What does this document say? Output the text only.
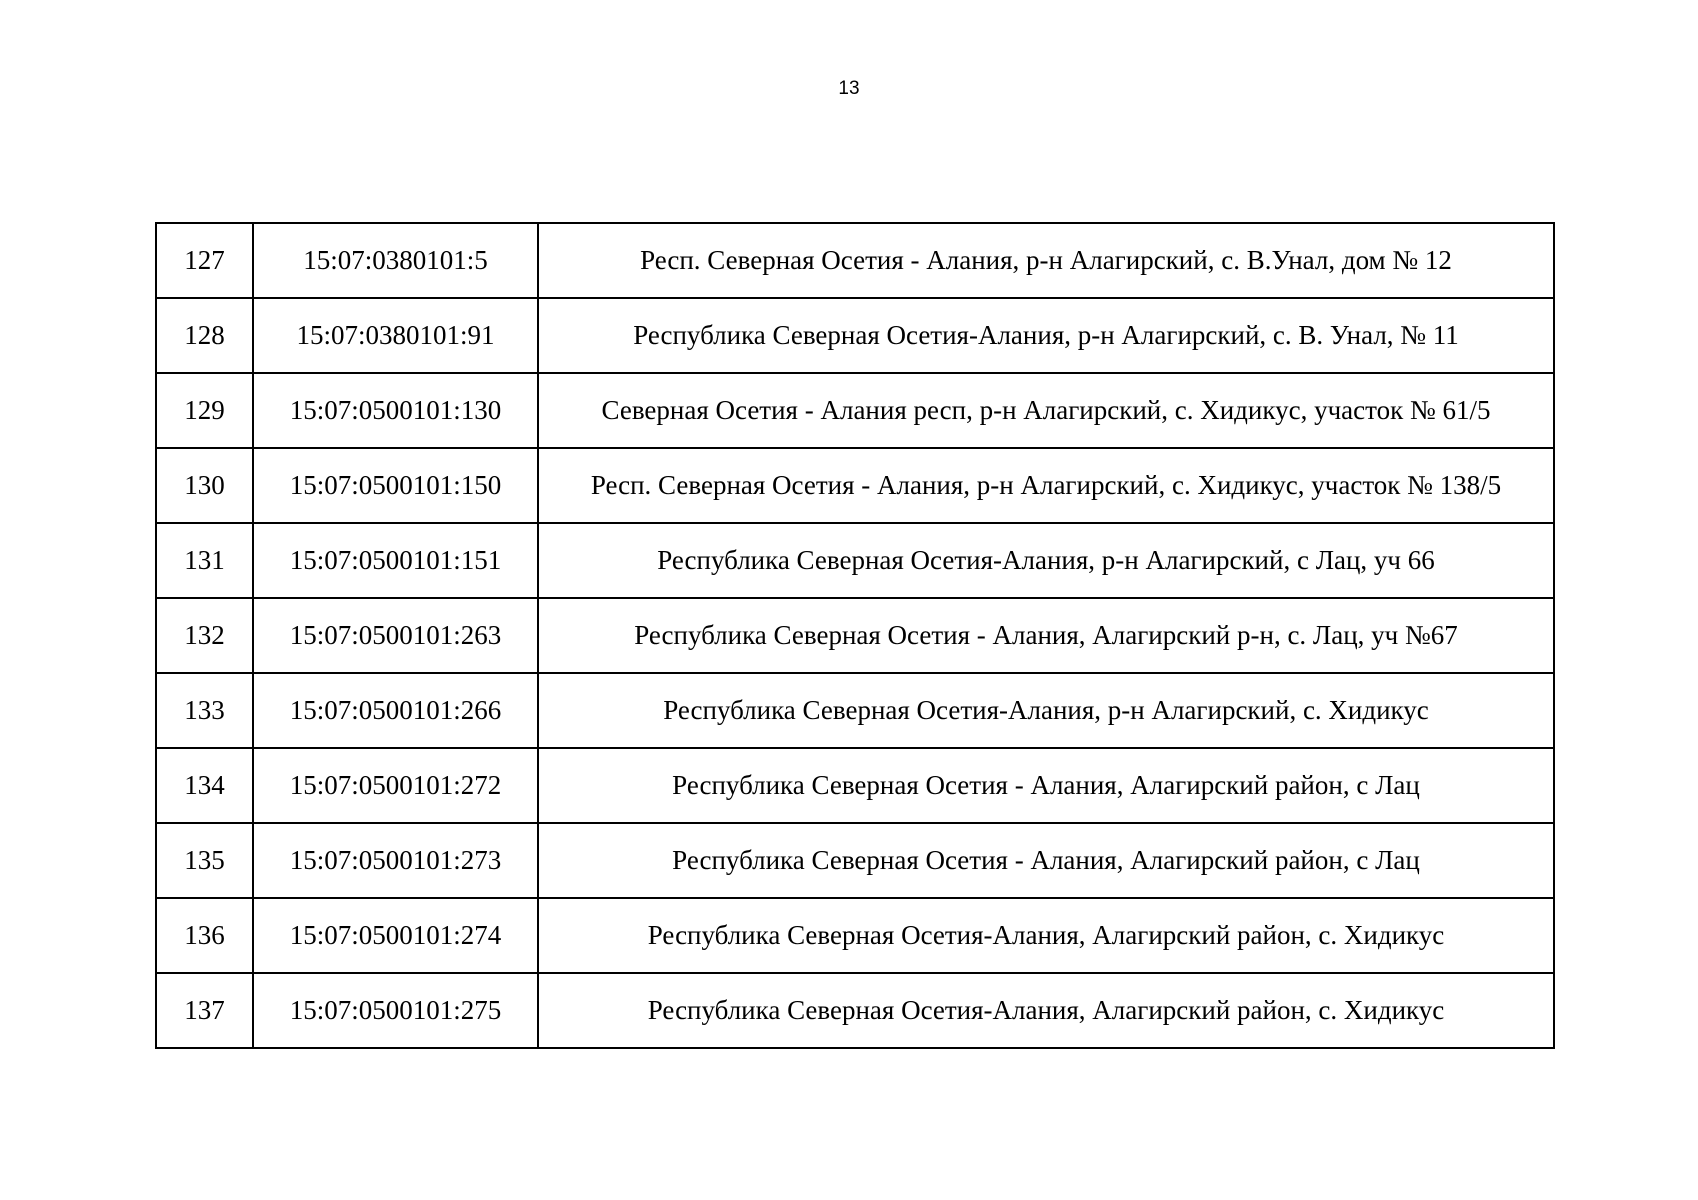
13
127	15:07:0380101:5	Респ. Северная Осетия - Алания, р-н Алагирский, с. В.Унал, дом № 12
128	15:07:0380101:91	Республика Северная Осетия-Алания, р-н Алагирский, с. В. Унал, № 11
129	15:07:0500101:130	Северная Осетия - Алания респ, р-н Алагирский, с. Хидикус, участок № 61/5
130	15:07:0500101:150	Респ. Северная Осетия - Алания, р-н Алагирский, с. Хидикус, участок № 138/5
131	15:07:0500101:151	Республика Северная Осетия-Алания, р-н Алагирский, с Лац, уч 66
132	15:07:0500101:263	Республика Северная Осетия - Алания, Алагирский р-н, с. Лац, уч №67
133	15:07:0500101:266	Республика Северная Осетия-Алания, р-н Алагирский, с. Хидикус
134	15:07:0500101:272	Республика Северная Осетия - Алания, Алагирский район, с Лац
135	15:07:0500101:273	Республика Северная Осетия - Алания, Алагирский район, с Лац
136	15:07:0500101:274	Республика Северная Осетия-Алания, Алагирский район, с. Хидикус
137	15:07:0500101:275	Республика Северная Осетия-Алания, Алагирский район, с. Хидикус
